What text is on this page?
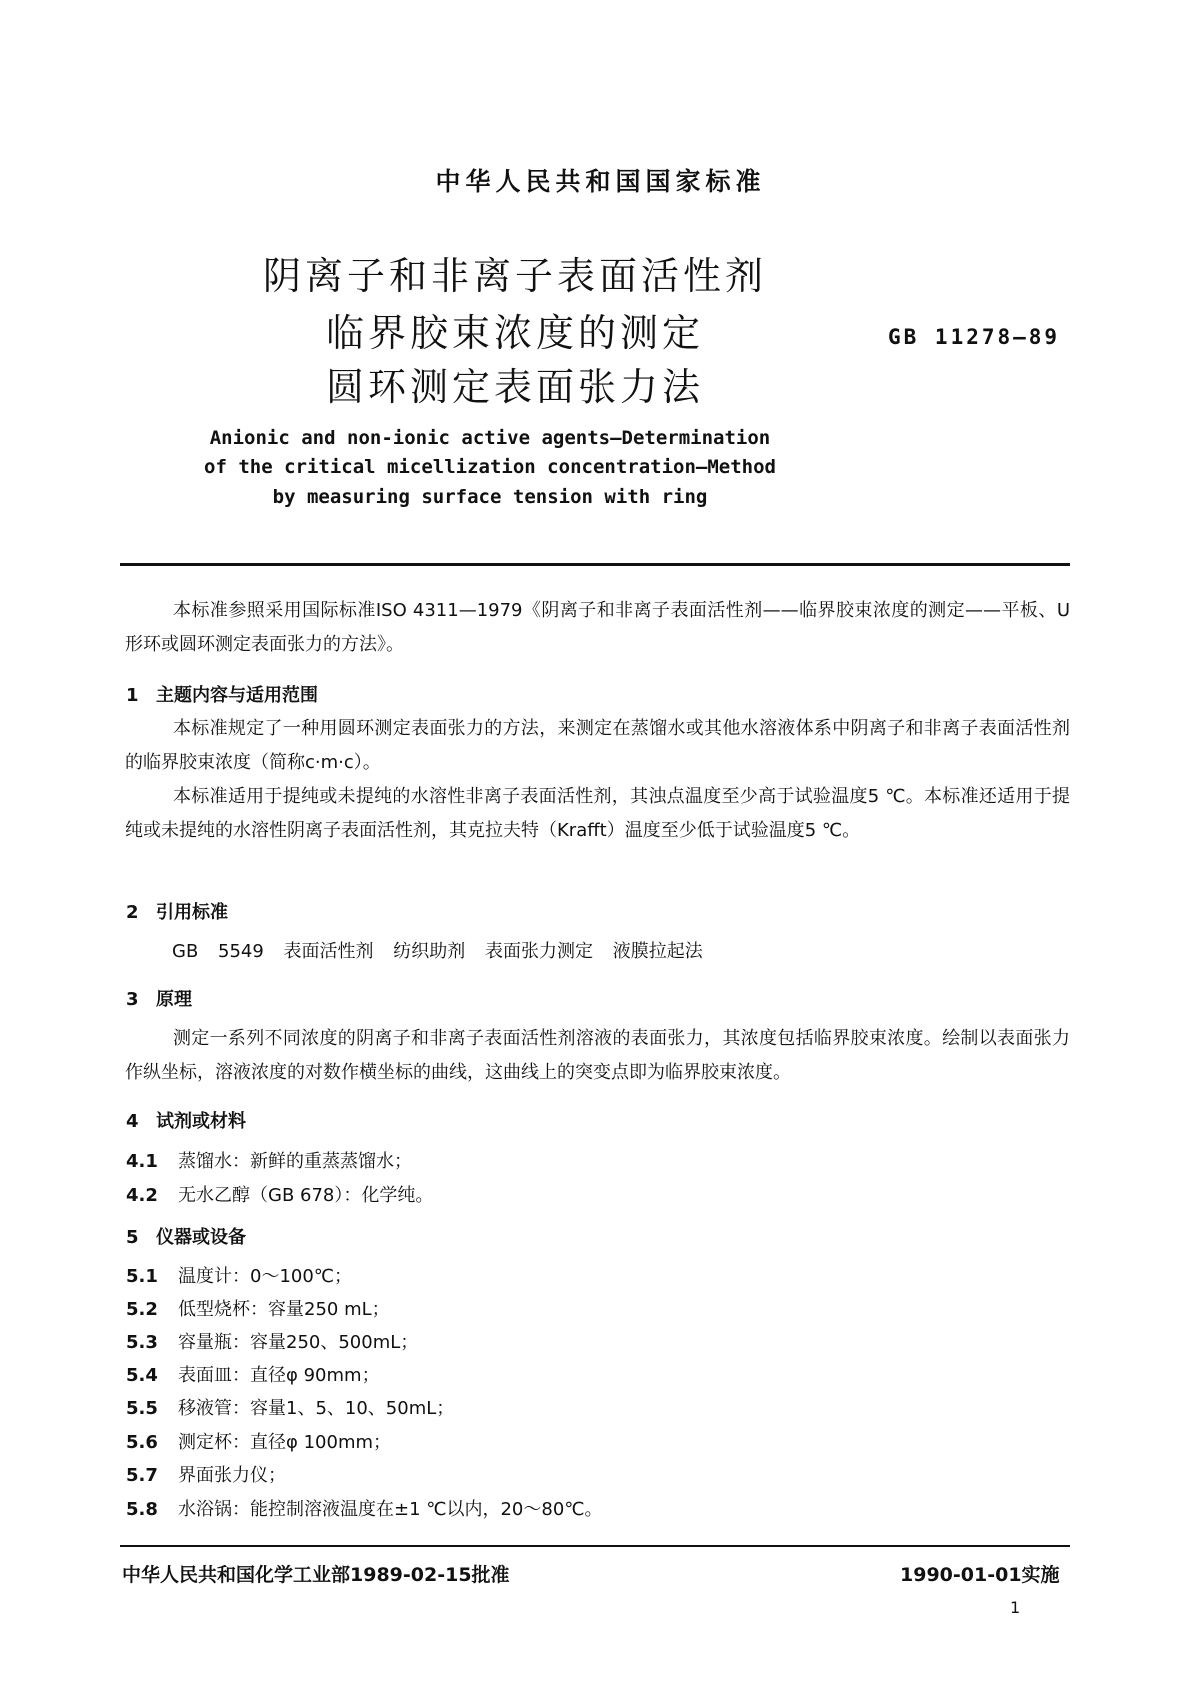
中华人民共和国国家标准
阴离子和非离子表面活性剂
临界胶束浓度的测定
圆环测定表面张力法
GB 11278—89
Anionic and non-ionic active agents—Determination
of the critical micellization concentration—Method
by measuring surface tension with ring
本标准参照采用国际标准ISO 4311—1979《阴离子和非离子表面活性剂——临界胶束浓度的测定——平板、U形环或圆环测定表面张力的方法》。
1 主题内容与适用范围
本标准规定了一种用圆环测定表面张力的方法，来测定在蒸馏水或其他水溶液体系中阴离子和非离子表面活性剂的临界胶束浓度（简称c·m·c）。
本标准适用于提纯或未提纯的水溶性非离子表面活性剂，其浊点温度至少高于试验温度5 ℃。本标准还适用于提纯或未提纯的水溶性阴离子表面活性剂，其克拉夫特（Krafft）温度至少低于试验温度5 ℃。
2 引用标准
GB 5549 表面活性剂 纺织助剂 表面张力测定 液膜拉起法
3 原理
测定一系列不同浓度的阴离子和非离子表面活性剂溶液的表面张力，其浓度包括临界胶束浓度。绘制以表面张力作纵坐标，溶液浓度的对数作横坐标的曲线，这曲线上的突变点即为临界胶束浓度。
4 试剂或材料
4.1 蒸馏水：新鲜的重蒸蒸馏水；
4.2 无水乙醇（GB 678）：化学纯。
5 仪器或设备
5.1 温度计：0～100℃；
5.2 低型烧杯：容量250 mL；
5.3 容量瓶：容量250、500mL；
5.4 表面皿：直径φ 90mm；
5.5 移液管：容量1、5、10、50mL；
5.6 测定杯：直径φ 100mm；
5.7 界面张力仪；
5.8 水浴锅：能控制溶液温度在±1 ℃以内，20～80℃。
中华人民共和国化学工业部1989-02-15批准	1990-01-01实施
1
